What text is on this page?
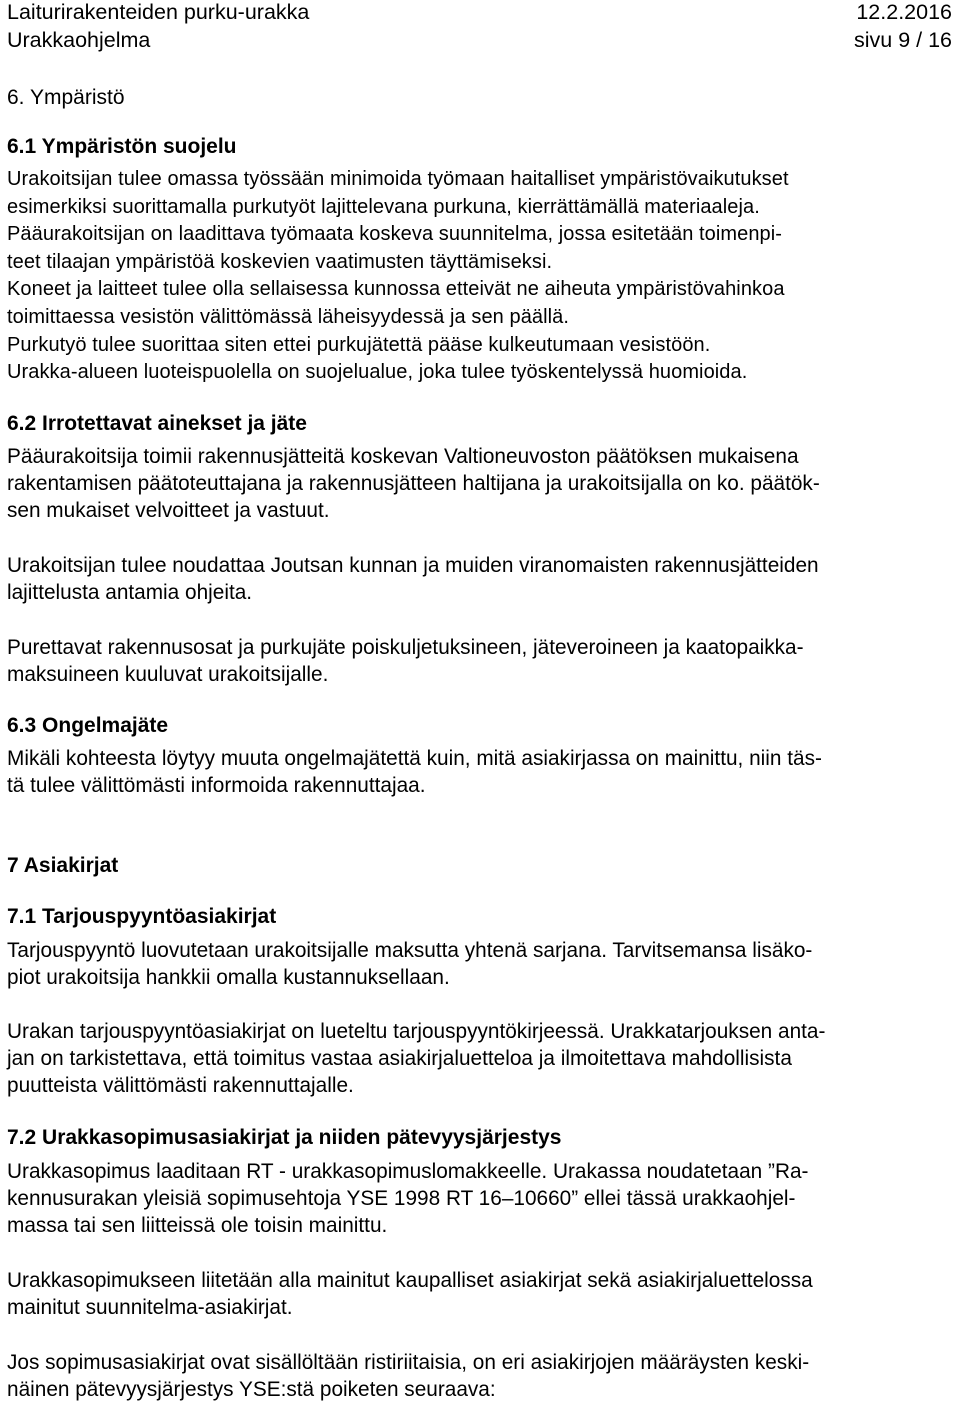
Laiturirakenteiden purku-urakka	12.2.2016
Urakkaohjelma	sivu 9 / 16
6. Ympäristö
6.1 Ympäristön suojelu
Urakoitsijan tulee omassa työssään minimoida työmaan haitalliset ympäristövaikutukset
esimerkiksi suorittamalla purkutyöt lajittelevana purkuna, kierrättämällä materiaaleja.
Pääurakoitsijan on laadittava työmaata koskeva suunnitelma, jossa esitetään toimenpi-
teet tilaajan ympäristöä koskevien vaatimusten täyttämiseksi.
Koneet ja laitteet tulee olla sellaisessa kunnossa etteivät ne aiheuta ympäristövahinkoa
toimittaessa vesistön välittömässä läheisyydessä ja sen päällä.
Purkutyö tulee suorittaa siten ettei purkujätettä pääse kulkeutumaan vesistöön.
Urakka-alueen luoteispuolella on suojelualue, joka tulee työskentelyssä huomioida.
6.2 Irrotettavat ainekset ja jäte
Pääurakoitsija toimii rakennusjätteitä koskevan Valtioneuvoston päätöksen mukaisena
rakentamisen päätoteuttajana ja rakennusjätteen haltijana ja urakoitsijalla on ko. päätök-
sen mukaiset velvoitteet ja vastuut.
Urakoitsijan tulee noudattaa Joutsan kunnan ja muiden viranomaisten rakennusjätteiden
lajittelusta antamia ohjeita.
Purettavat rakennusosat ja purkujäte poiskuljetuksineen, jäteveroineen ja kaatopaikka-
maksuineen kuuluvat urakoitsijalle.
6.3 Ongelmajäte
Mikäli kohteesta löytyy muuta ongelmajätettä kuin, mitä asiakirjassa on mainittu, niin täs-
tä tulee välittömästi informoida rakennuttajaa.
7 Asiakirjat
7.1 Tarjouspyyntöasiakirjat
Tarjouspyyntö luovutetaan urakoitsijalle maksutta yhtenä sarjana. Tarvitsemansa lisäko-
piot urakoitsija hankkii omalla kustannuksellaan.
Urakan tarjouspyyntöasiakirjat on lueteltu tarjouspyyntökirjeessä. Urakkatarjouksen anta-
jan on tarkistettava, että toimitus vastaa asiakirjaluetteloa ja ilmoitettava mahdollisista
puutteista välittömästi rakennuttajalle.
7.2 Urakkasopimusasiakirjat ja niiden pätevyysjärjestys
Urakkasopimus laaditaan RT - urakkasopimuslomakkeelle. Urakassa noudatetaan ”Ra-
kennusurakan yleisiä sopimusehtoja YSE 1998 RT 16–10660” ellei tässä urakkaohjel-
massa tai sen liitteissä ole toisin mainittu.
Urakkasopimukseen liitetään alla mainitut kaupalliset asiakirjat sekä asiakirjaluettelossa
mainitut suunnitelma-asiakirjat.
Jos sopimusasiakirjat ovat sisällöltään ristiriitaisia, on eri asiakirjojen määräysten keski-
näinen pätevyysjärjestys YSE:stä poiketen seuraava:
